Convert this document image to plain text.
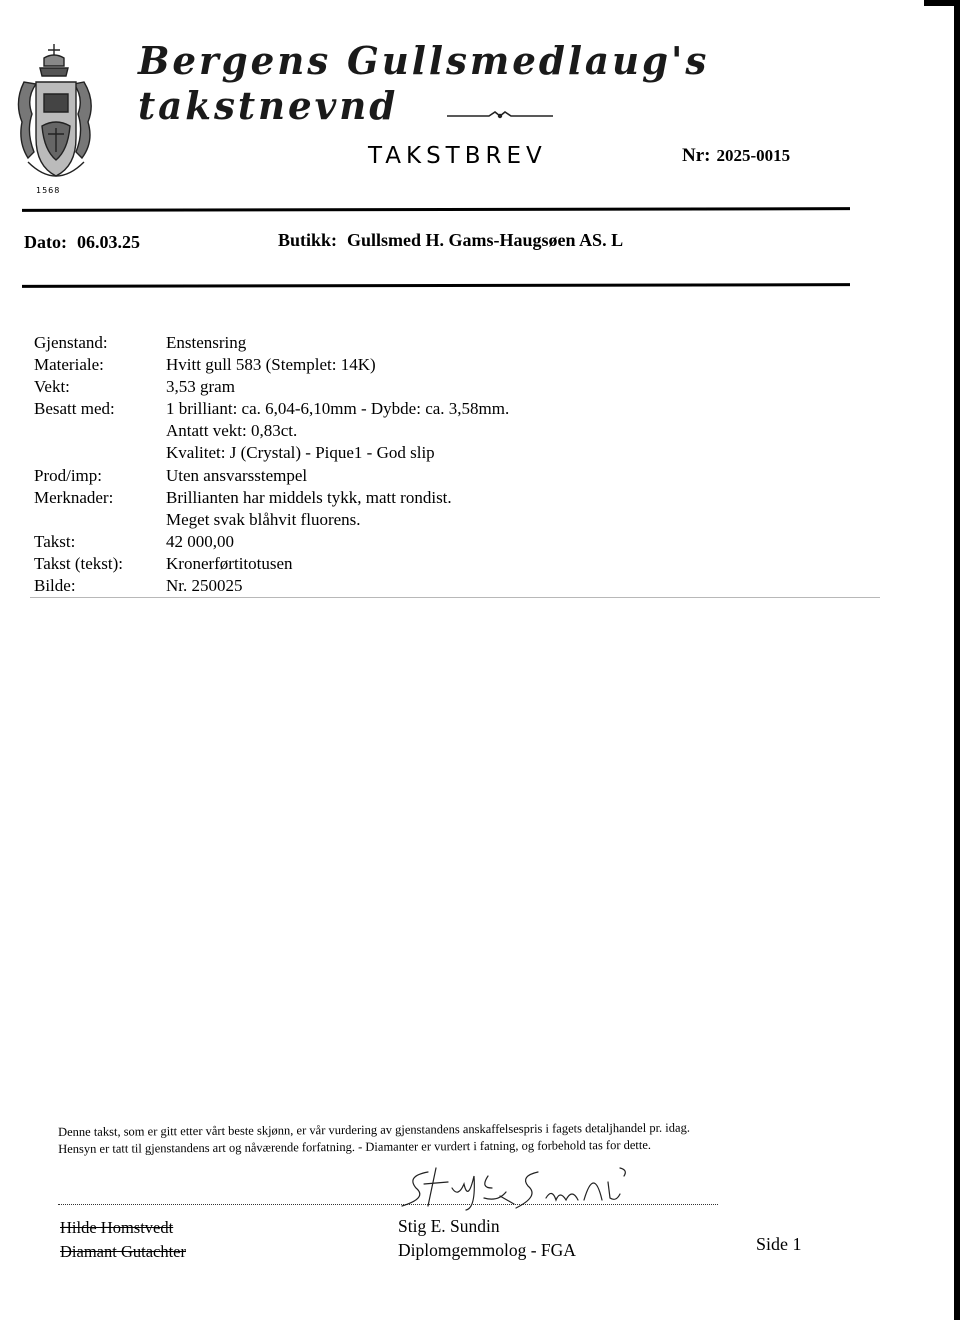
1568
Bergens Gullsmedlaug's takstnevnd
TAKSTBREV	Nr: 2025-0015
Dato: 06.03.25	Butikk: Gullsmed H. Gams-Haugsøen AS. L
Gjenstand:	Enstensring
Materiale:	Hvitt gull 583 (Stemplet: 14K)
Vekt:	3,53 gram
Besatt med:	1 brilliant: ca. 6,04-6,10mm - Dybde: ca. 3,58mm.
Antatt vekt: 0,83ct.
Kvalitet: J (Crystal) - Pique1 - God slip
Prod/imp:	Uten ansvarsstempel
Merknader:	Brillianten har middels tykk, matt rondist.
Meget svak blåhvit fluorens.
Takst:	42 000,00
Takst (tekst):	Kronerførtitotusen
Bilde:	Nr. 250025
Denne takst, som er gitt etter vårt beste skjønn, er vår vurdering av gjenstandens anskaffelsespris i fagets detaljhandel pr. idag.
Hensyn er tatt til gjenstandens art og nåværende forfatning. - Diamanter er vurdert i fatning, og forbehold tas for dette.
Hilde Homstvedt
Diamant Gutachter
Stig E. Sundin
Diplomgemmolog - FGA	Side 1
